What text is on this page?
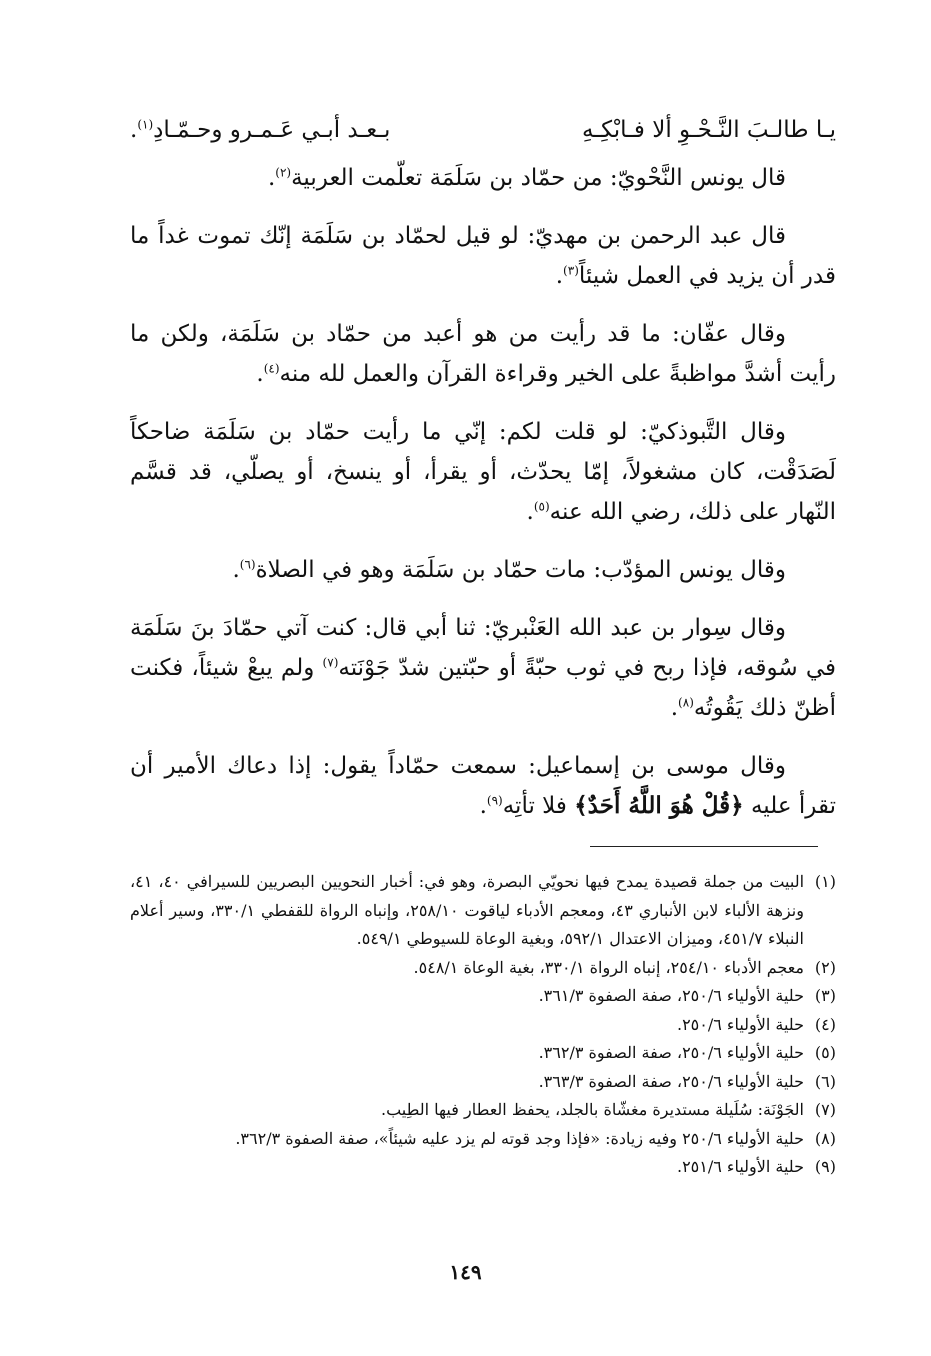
يـا طالـبَ النَّـحْـوِ ألا فـابْكِـهِ
بـعـد أبـي عَـمـرو وحـمّـادِ$^{(١)}$.

قال يونس النَّحْويّ: من حمّاد بن سَلَمَة تعلّمت العربية$^{(٢)}$.

قال عبد الرحمن بن مهديّ: لو قيل لحمّاد بن سَلَمَة إنّك تموت غداً ما قدر أن يزيد في العمل شيئاً$^{(٣)}$.

وقال عفّان: ما قد رأيت من هو أعبد من حمّاد بن سَلَمَة، ولكن ما رأيت أشدَّ مواظبةً على الخير وقراءة القرآن والعمل لله منه$^{(٤)}$.

وقال التَّبوذكيّ: لو قلت لكم: إنّي ما رأيت حمّاد بن سَلَمَة ضاحكاً لَصَدَقْت، كان مشغولاً، إمّا يحدّث، أو يقرأ، أو ينسخ، أو يصلّي، قد قسَّم النّهار على ذلك، رضي الله عنه$^{(٥)}$.

وقال يونس المؤدّب: مات حمّاد بن سَلَمَة وهو في الصلاة$^{(٦)}$.

وقال سِوار بن عبد الله العَنْبريّ: ثنا أبي قال: كنت آتي حمّادَ بنَ سَلَمَة في سُوقه، فإذا ربح في ثوب حبّةً أو حبّتين شدّ جَوْنَته$^{(٧)}$ ولم يبعْ شيئاً، فكنت أظنّ ذلك يَقُوتُه$^{(٨)}$.

وقال موسى بن إسماعيل: سمعت حمّاداً يقول: إذا دعاك الأمير أن تقرأ عليه ﴿قُلْ هُوَ اللَّهُ أَحَدٌ﴾ فلا تأتِه$^{(٩)}$.

(١)
البيت من جملة قصيدة يمدح فيها نحويّي البصرة، وهو في: أخبار النحويين البصريين للسيرافي ٤٠، ٤١، ونزهة الألباء لابن الأنباري ٤٣، ومعجم الأدباء لياقوت ٢٥٨/١٠، وإنباه الرواة للقفطي ٣٣٠/١، وسير أعلام النبلاء ٤٥١/٧، وميزان الاعتدال ٥٩٢/١، وبغية الوعاة للسيوطي ٥٤٩/١.
(٢)
معجم الأدباء ٢٥٤/١٠، إنباه الرواة ٣٣٠/١، بغية الوعاة ٥٤٨/١.
(٣)
حلية الأولياء ٢٥٠/٦، صفة الصفوة ٣٦١/٣.
(٤)
حلية الأولياء ٢٥٠/٦.
(٥)
حلية الأولياء ٢٥٠/٦، صفة الصفوة ٣٦٢/٣.
(٦)
حلية الأولياء ٢٥٠/٦، صفة الصفوة ٣٦٣/٣.
(٧)
الجَوْنَة: سُلَيلة مستديرة مغشّاة بالجلد، يحفظ العطار فيها الطِيب.
(٨)
حلية الأولياء ٢٥٠/٦ وفيه زيادة: «فإذا وجد قوته لم يزد عليه شيئاً»، صفة الصفوة ٣٦٢/٣.
(٩)
حلية الأولياء ٢٥١/٦.
١٤٩
